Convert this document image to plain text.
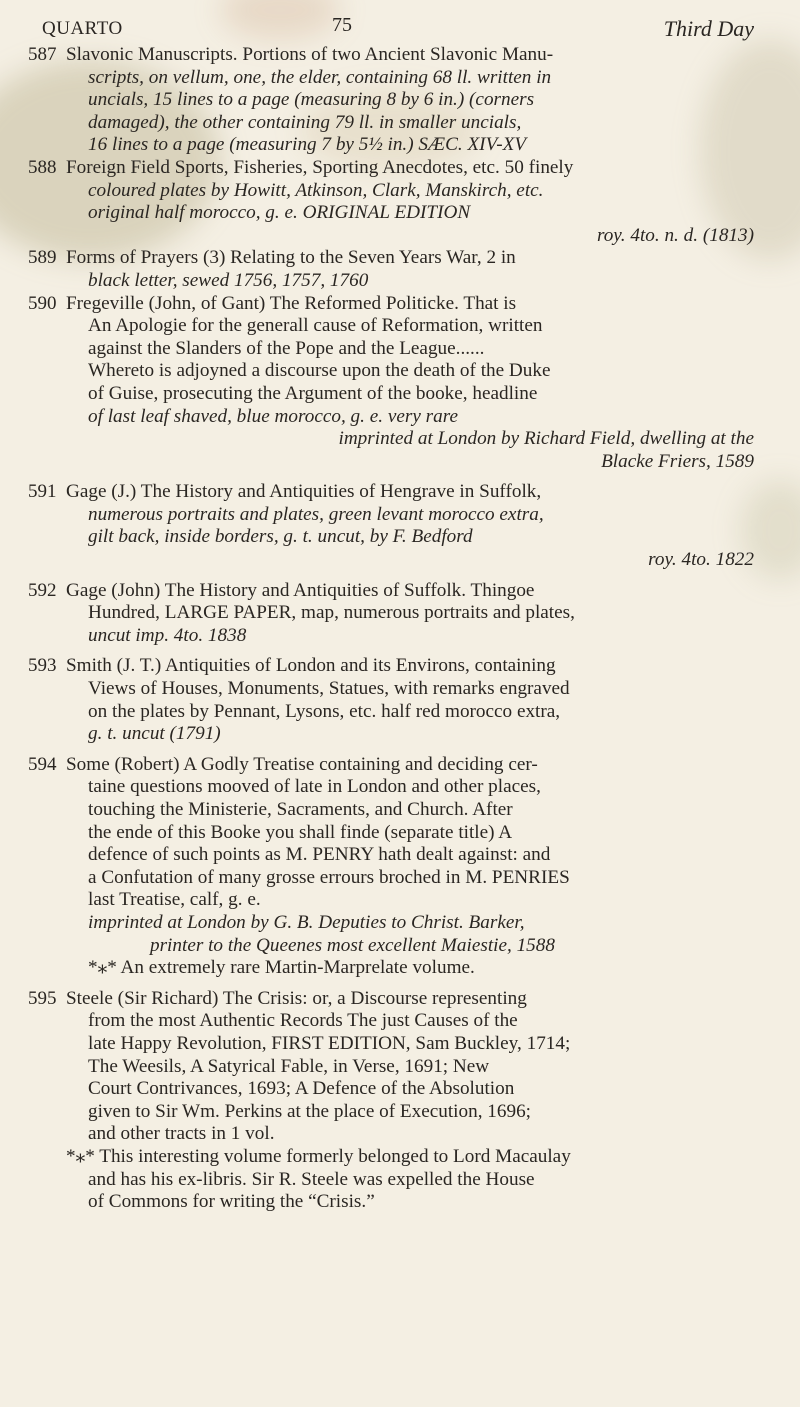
QUARTO	75	Third Day
587 Slavonic Manuscripts. Portions of two Ancient Slavonic Manu-
scripts, on vellum, one, the elder, containing 68 ll. written in
uncials, 15 lines to a page (measuring 8 by 6 in.) (corners
damaged), the other containing 79 ll. in smaller uncials,
16 lines to a page (measuring 7 by 5½ in.) SÆC. XIV-XV
588 Foreign Field Sports, Fisheries, Sporting Anecdotes, etc. 50 finely
coloured plates by Howitt, Atkinson, Clark, Manskirch, etc.
original half morocco, g. e. ORIGINAL EDITION
roy. 4to. n. d. (1813)
589 Forms of Prayers (3) Relating to the Seven Years War, 2 in
black letter, sewed 1756, 1757, 1760
590 Fregeville (John, of Gant) The Reformed Politicke. That is
An Apologie for the generall cause of Reformation, written
against the Slanders of the Pope and the League......
Whereto is adjoyned a discourse upon the death of the Duke
of Guise, prosecuting the Argument of the booke, headline
of last leaf shaved, blue morocco, g. e. very rare
imprinted at London by Richard Field, dwelling at the
Blacke Friers, 1589
591 Gage (J.) The History and Antiquities of Hengrave in Suffolk,
numerous portraits and plates, green levant morocco extra,
gilt back, inside borders, g. t. uncut, by F. Bedford
roy. 4to. 1822
592 Gage (John) The History and Antiquities of Suffolk. Thingoe
Hundred, LARGE PAPER, map, numerous portraits and plates,
uncut imp. 4to. 1838
593 Smith (J. T.) Antiquities of London and its Environs, containing
Views of Houses, Monuments, Statues, with remarks engraved
on the plates by Pennant, Lysons, etc. half red morocco extra,
g. t. uncut (1791)
594 Some (Robert) A Godly Treatise containing and deciding cer-
taine questions mooved of late in London and other places,
touching the Ministerie, Sacraments, and Church. After
the ende of this Booke you shall finde (separate title) A
defence of such points as M. PENRY hath dealt against: and
a Confutation of many grosse errours broched in M. PENRIES
last Treatise, calf, g. e.
imprinted at London by G. B. Deputies to Christ. Barker,
printer to the Queenes most excellent Maiestie, 1588
*⁎* An extremely rare Martin-Marprelate volume.
595 Steele (Sir Richard) The Crisis: or, a Discourse representing
from the most Authentic Records The just Causes of the
late Happy Revolution, FIRST EDITION, Sam Buckley, 1714;
The Weesils, A Satyrical Fable, in Verse, 1691; New
Court Contrivances, 1693; A Defence of the Absolution
given to Sir Wm. Perkins at the place of Execution, 1696;
and other tracts in 1 vol.
*⁎* This interesting volume formerly belonged to Lord Macaulay
and has his ex-libris. Sir R. Steele was expelled the House
of Commons for writing the “Crisis.”
